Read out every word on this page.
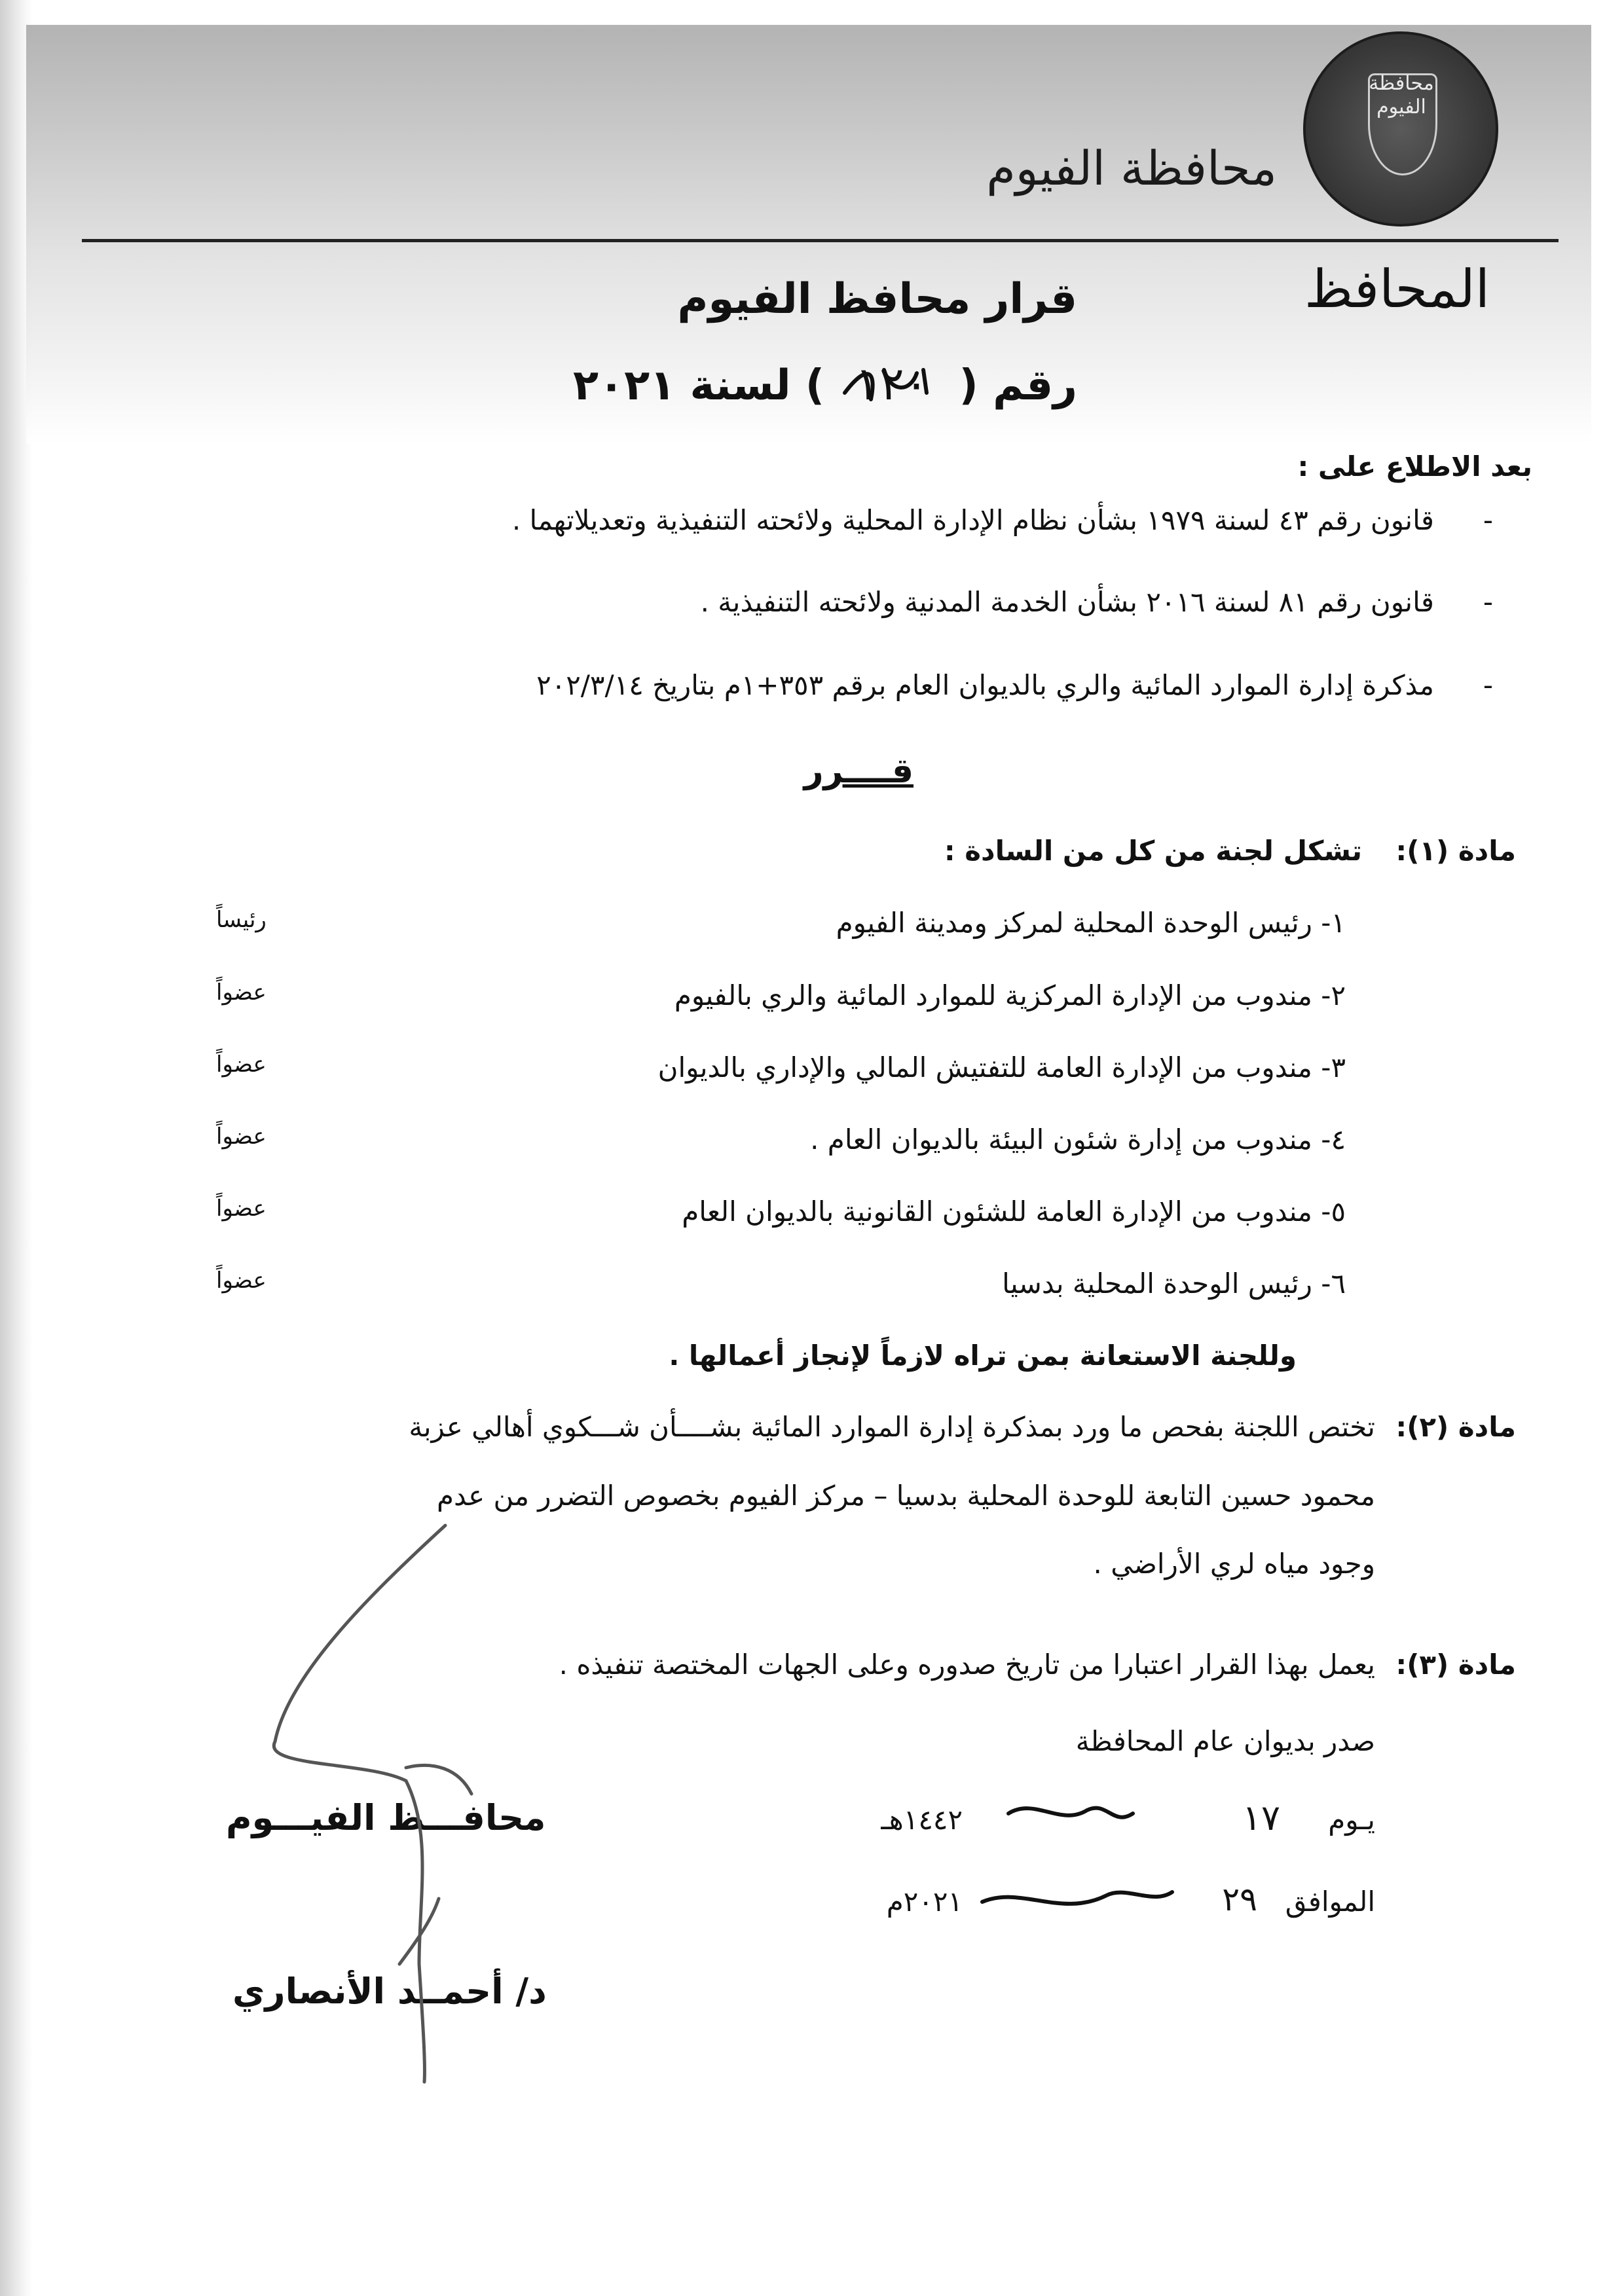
محافظة الفيوم
محافظة الفيوم
المحافظ
قرار محافظ الفيوم
رقم ( ١٢٠ ) لسنة ٢٠٢١
بعد الاطلاع على :
-
قانون رقم ٤٣ لسنة ١٩٧٩ بشأن نظام الإدارة المحلية ولائحته التنفيذية وتعديلاتهما .
-
قانون رقم ٨١ لسنة ٢٠١٦ بشأن الخدمة المدنية ولائحته التنفيذية .
-
مذكرة إدارة الموارد المائية والري بالديوان العام برقم ٣٥٣+١م بتاريخ ٢٠٢/٣/١٤
قــــرر
مادة (١):
تشكل لجنة من كل من السادة :
١- رئيس الوحدة المحلية لمركز ومدينة الفيوم
رئيساً
٢- مندوب من الإدارة المركزية للموارد المائية والري بالفيوم
عضواً
٣- مندوب من الإدارة العامة للتفتيش المالي والإداري بالديوان
عضواً
٤- مندوب من إدارة شئون البيئة بالديوان العام .
عضواً
٥- مندوب من الإدارة العامة للشئون القانونية بالديوان العام
عضواً
٦- رئيس الوحدة المحلية بدسيا
عضواً
وللجنة الاستعانة بمن تراه لازماً لإنجاز أعمالها .
مادة (٢):
تختص اللجنة بفحص ما ورد بمذكرة إدارة الموارد المائية بشــــأن شـــكوي أهالي عزبة
محمود حسين التابعة للوحدة المحلية بدسيا – مركز الفيوم بخصوص التضرر من عدم
وجود مياه لري الأراضي .
مادة (٣):
يعمل بهذا القرار اعتبارا من تاريخ صدوره وعلى الجهات المختصة تنفيذه .
صدر بديوان عام المحافظة
يـوم
١٧
١٤٤٢هـ
الموافق
٢٩
٢٠٢١م
محافـــظ الفيـــوم
د/ أحمــد الأنصاري
